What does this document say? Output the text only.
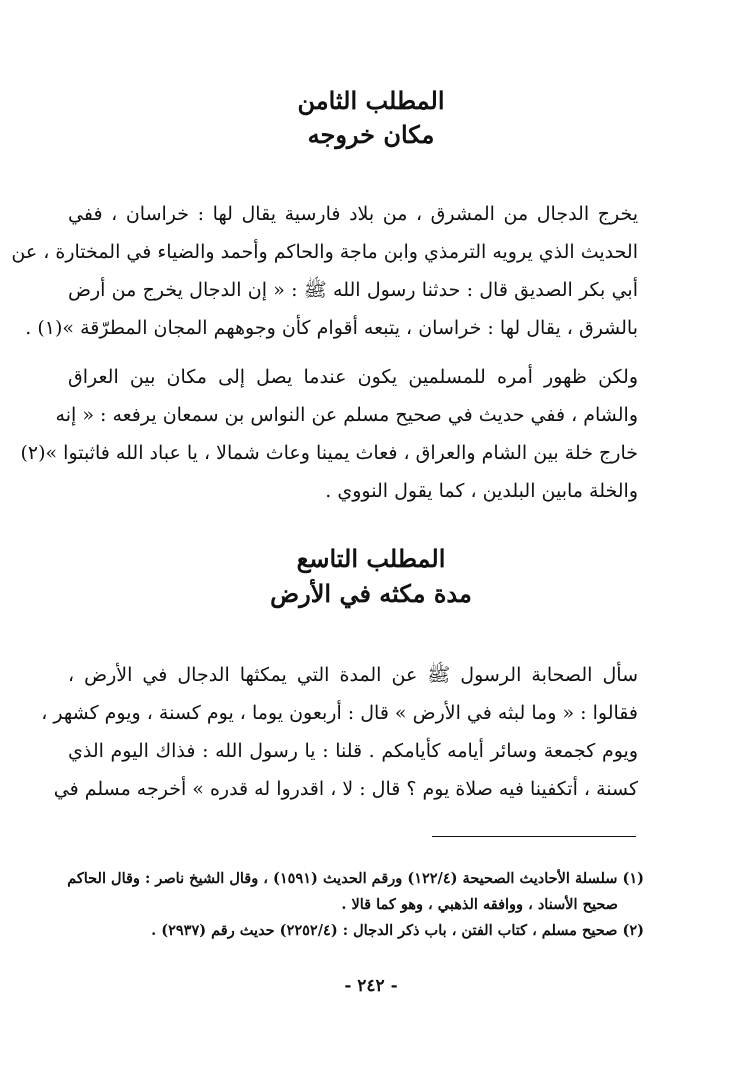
المطلب الثامن
مكان خروجه
يخرج الدجال من المشرق ، من بلاد فارسية يقال لها : خراسان ، ففي
الحديث الذي يرويه الترمذي وابن ماجة والحاكم وأحمد والضياء في المختارة ، عن
أبي بكر الصديق قال : حدثنا رسول الله ﷺ : « إن الدجال يخرج من أرض
بالشرق ، يقال لها : خراسان ، يتبعه أقوام كأن وجوههم المجان المطرّقة »(١) .
ولكن ظهور أمره للمسلمين يكون عندما يصل إلى مكان بين العراق
والشام ، ففي حديث في صحيح مسلم عن النواس بن سمعان يرفعه : « إنه
خارج خلة بين الشام والعراق ، فعاث يمينا وعاث شمالا ، يا عباد الله فاثبتوا »(٢)
والخلة مابين البلدين ، كما يقول النووي .
المطلب التاسع
مدة مكثه في الأرض
سأل الصحابة الرسول ﷺ عن المدة التي يمكثها الدجال في الأرض ،
فقالوا : « وما لبثه في الأرض » قال : أربعون يوما ، يوم كسنة ، ويوم كشهر ،
ويوم كجمعة وسائر أيامه كأيامكم . قلنا : يا رسول الله : فذاك اليوم الذي
كسنة ، أتكفينا فيه صلاة يوم ؟ قال : لا ، اقدروا له قدره » أخرجه مسلم في
(١) سلسلة الأحاديث الصحيحة (١٢٢/٤) ورقم الحديث (١٥٩١) ، وقال الشيخ ناصر : وقال الحاكم
صحيح الأسناد ، ووافقه الذهبي ، وهو كما قالا .
(٢) صحيح مسلم ، كتاب الفتن ، باب ذكر الدجال : (٢٢٥٢/٤) حديث رقم (٢٩٣٧) .
- ٢٤٢ -
